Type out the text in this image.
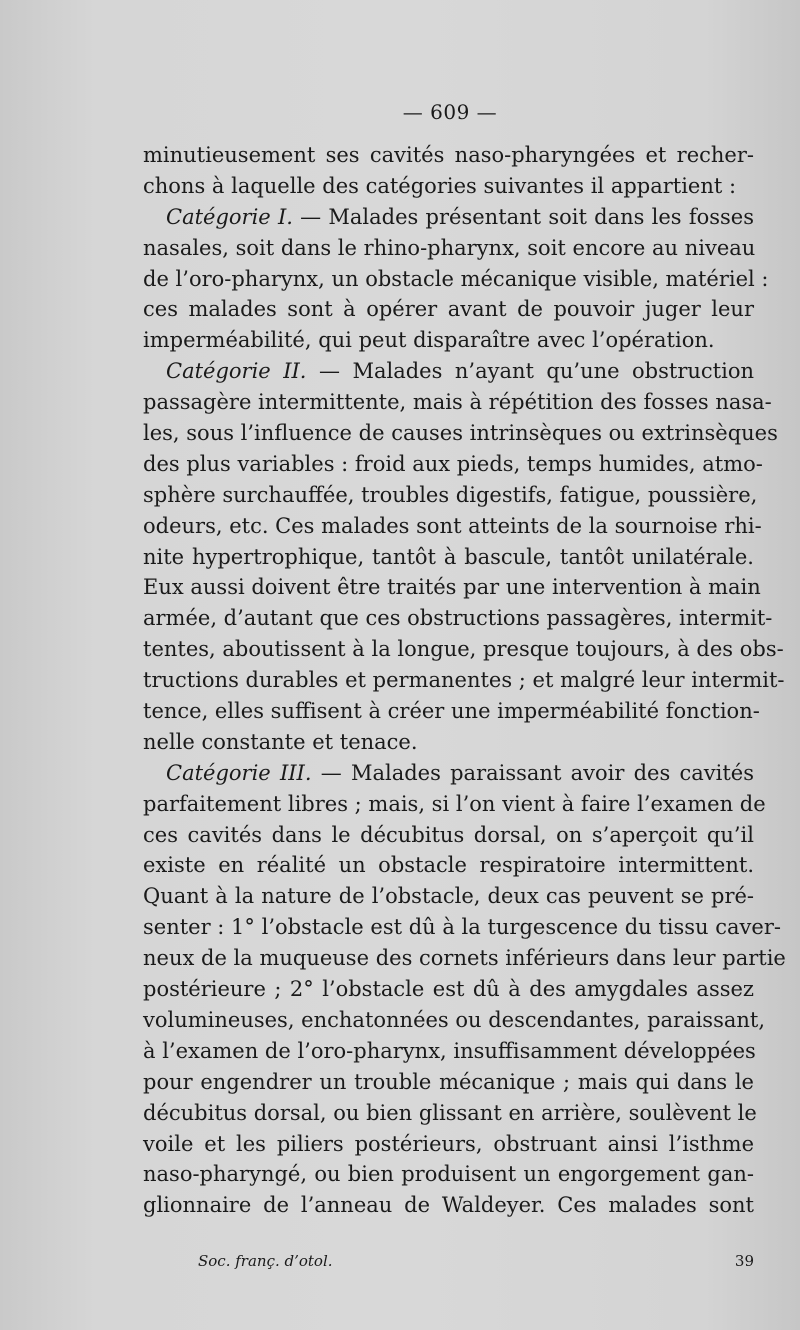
— 609 —
minutieusement ses cavités naso-pharyngées et recher-
chons à laquelle des catégories suivantes il appartient :
Catégorie I. — Malades présentant soit dans les fosses
nasales, soit dans le rhino-pharynx, soit encore au niveau
de l’oro-pharynx, un obstacle mécanique visible, matériel :
ces malades sont à opérer avant de pouvoir juger leur
imperméabilité, qui peut disparaître avec l’opération.
Catégorie II. — Malades n’ayant qu’une obstruction
passagère intermittente, mais à répétition des fosses nasa-
les, sous l’influence de causes intrinsèques ou extrinsèques
des plus variables : froid aux pieds, temps humides, atmo-
sphère surchauffée, troubles digestifs, fatigue, poussière,
odeurs, etc. Ces malades sont atteints de la sournoise rhi-
nite hypertrophique, tantôt à bascule, tantôt unilatérale.
Eux aussi doivent être traités par une intervention à main
armée, d’autant que ces obstructions passagères, intermit-
tentes, aboutissent à la longue, presque toujours, à des obs-
tructions durables et permanentes ; et malgré leur intermit-
tence, elles suffisent à créer une imperméabilité fonction-
nelle constante et tenace.
Catégorie III. — Malades paraissant avoir des cavités
parfaitement libres ; mais, si l’on vient à faire l’examen de
ces cavités dans le décubitus dorsal, on s’aperçoit qu’il
existe en réalité un obstacle respiratoire intermittent.
Quant à la nature de l’obstacle, deux cas peuvent se pré-
senter : 1° l’obstacle est dû à la turgescence du tissu caver-
neux de la muqueuse des cornets inférieurs dans leur partie
postérieure ; 2° l’obstacle est dû à des amygdales assez
volumineuses, enchatonnées ou descendantes, paraissant,
à l’examen de l’oro-pharynx, insuffisamment développées
pour engendrer un trouble mécanique ; mais qui dans le
décubitus dorsal, ou bien glissant en arrière, soulèvent le
voile et les piliers postérieurs, obstruant ainsi l’isthme
naso-pharyngé, ou bien produisent un engorgement gan-
glionnaire de l’anneau de Waldeyer. Ces malades sont
Soc. franç. d’otol.	39
